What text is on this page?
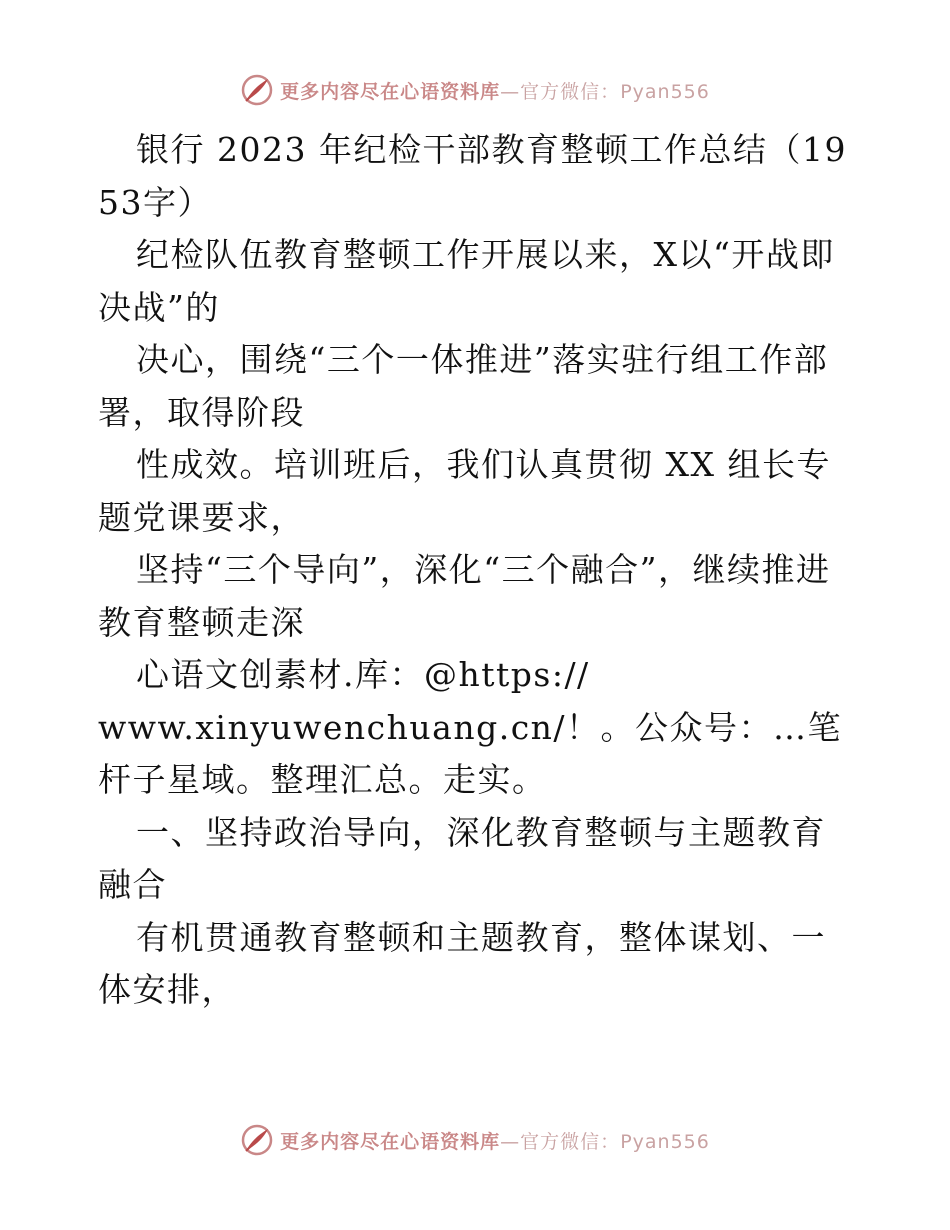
更多内容尽在心语资料库—官方微信：Pyan556

银行 2023 年纪检干部教育整顿工作总结（1953字）

纪检队伍教育整顿工作开展以来，X以“开战即决战”的

决心，围绕“三个一体推进”落实驻行组工作部署，取得阶段

性成效。培训班后，我们认真贯彻 XX 组长专题党课要求，

坚持“三个导向”，深化“三个融合”，继续推进教育整顿走深

心语文创素材.库：@https://

www.xinyuwenchuang.cn/！。公众号：…笔杆子星域。整理汇总。走实。

一、坚持政治导向，深化教育整顿与主题教育融合

有机贯通教育整顿和主题教育，整体谋划、一体安排，

更多内容尽在心语资料库—官方微信：Pyan556
